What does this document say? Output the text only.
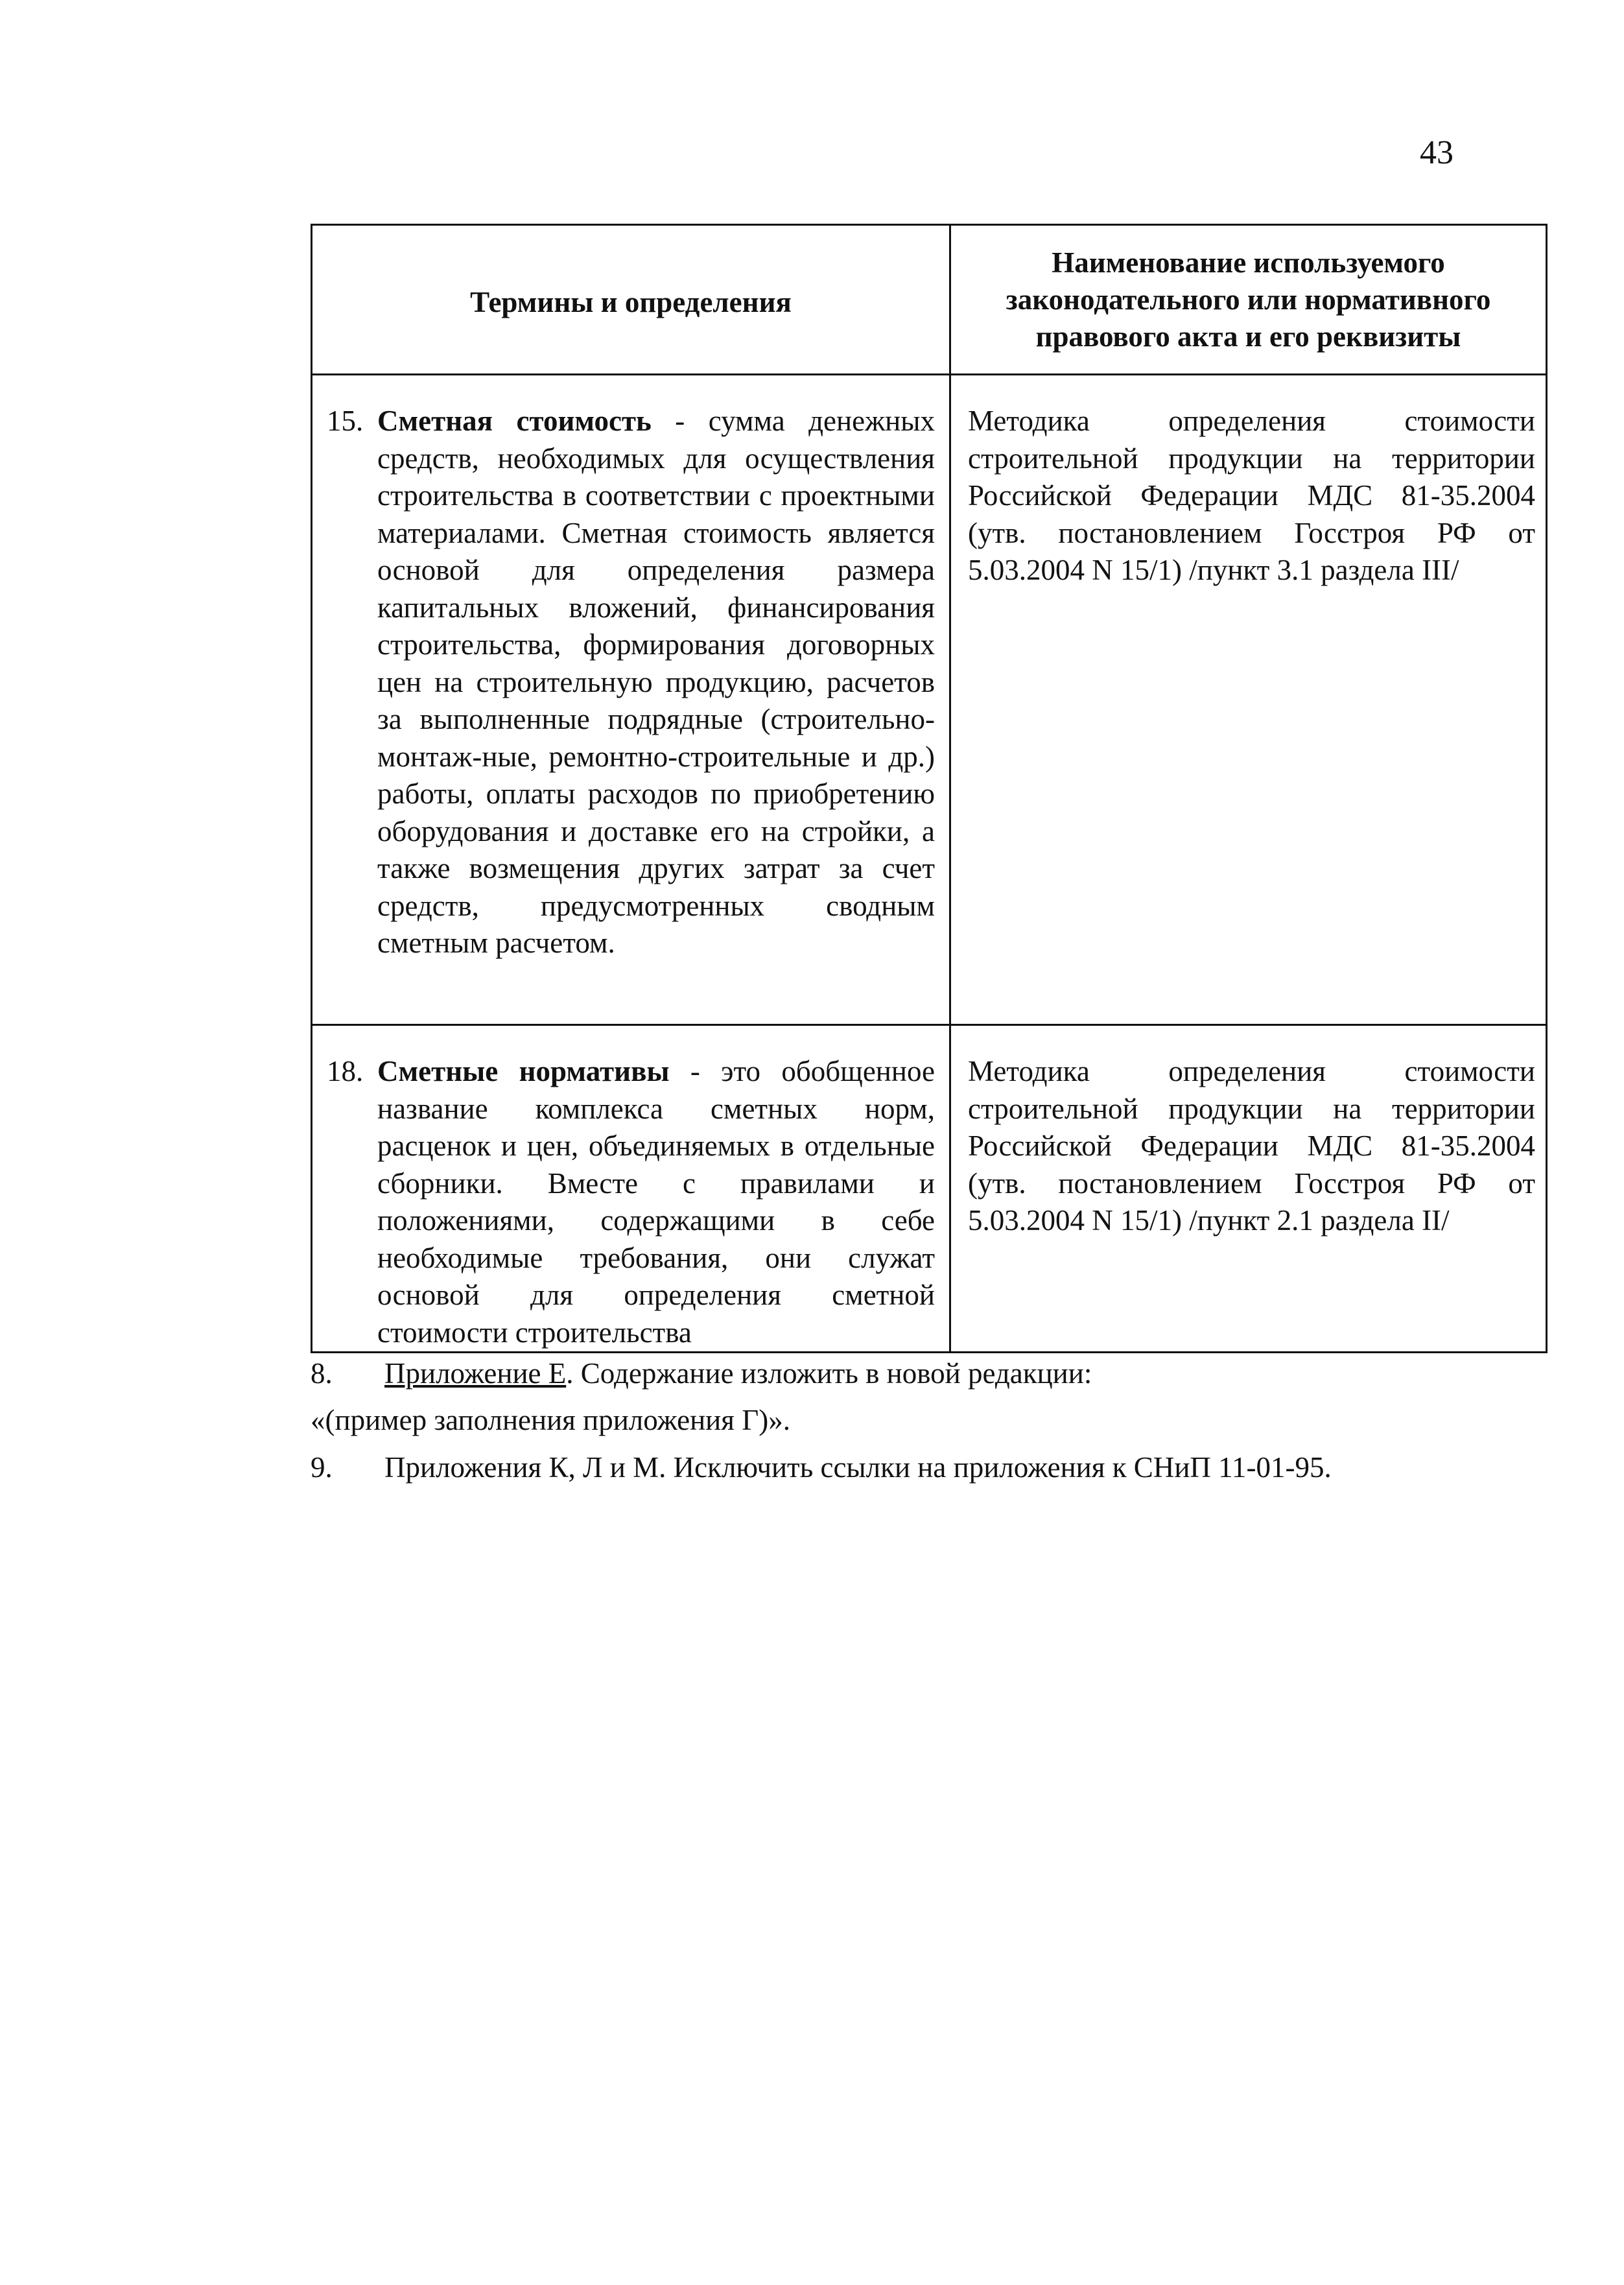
43
Термины и определения	Наименование используемого законодательного или нормативного правового акта и его реквизиты

15. Сметная стоимость - сумма денежных средств, необходимых для осуществления строительства в соответствии с проектными материалами. Сметная стоимость является основой для определения размера капитальных вложений, финансирования строительства, формирования договорных цен на строительную продукцию, расчетов за выполненные подрядные (строительно-монтаж-ные, ремонтно-строительные и др.) работы, оплаты расходов по приобретению оборудования и доставке его на стройки, а также возмещения других затрат за счет средств, предусмотренных сводным сметным расчетом.	Методика определения стоимости строительной продукции на территории Российской Федерации МДС 81-35.2004 (утв. постановлением Госстроя РФ от 5.03.2004 N 15/1) /пункт 3.1 раздела III/

18. Сметные нормативы - это обобщенное название комплекса сметных норм, расценок и цен, объединяемых в отдельные сборники. Вместе с правилами и положениями, содержащими в себе необходимые требования, они служат основой для определения сметной стоимости строительства	Методика определения стоимости строительной продукции на территории Российской Федерации МДС 81-35.2004 (утв. постановлением Госстроя РФ от 5.03.2004 N 15/1) /пункт 2.1 раздела II/
8. Приложение Е. Содержание изложить в новой редакции:
«(пример заполнения приложения Г)».
9. Приложения К, Л и М. Исключить ссылки на приложения к СНиП 11-01-95.
